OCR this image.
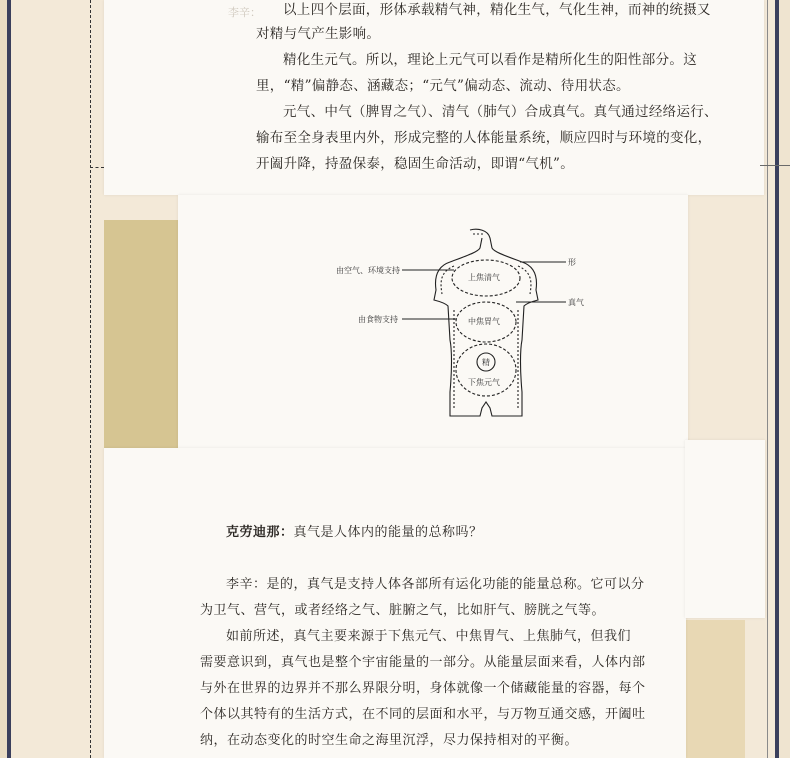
李辛： 以上四个层面，形体承载精气神，精化生气，气化生神，而神的统摄又
对精与气产生影响。
精化生元气。所以，理论上元气可以看作是精所化生的阳性部分。这
里，“精”偏静态、涵藏态；“元气”偏动态、流动、待用状态。
元气、中气（脾胃之气）、清气（肺气）合成真气。真气通过经络运行、
输布至全身表里内外，形成完整的人体能量系统，顺应四时与环境的变化，
开阖升降，持盈保泰，稳固生命活动，即谓“气机”。
由空气、环境支持
由食物支持
形
真气
上焦清气
中焦胃气
精
下焦元气
克劳迪那：真气是人体内的能量的总称吗？
李辛：是的，真气是支持人体各部所有运化功能的能量总称。它可以分
为卫气、营气，或者经络之气、脏腑之气，比如肝气、膀胱之气等。
如前所述，真气主要来源于下焦元气、中焦胃气、上焦肺气，但我们
需要意识到，真气也是整个宇宙能量的一部分。从能量层面来看，人体内部
与外在世界的边界并不那么界限分明，身体就像一个储藏能量的容器，每个
个体以其特有的生活方式，在不同的层面和水平，与万物互通交感，开阖吐
纳，在动态变化的时空生命之海里沉浮，尽力保持相对的平衡。
